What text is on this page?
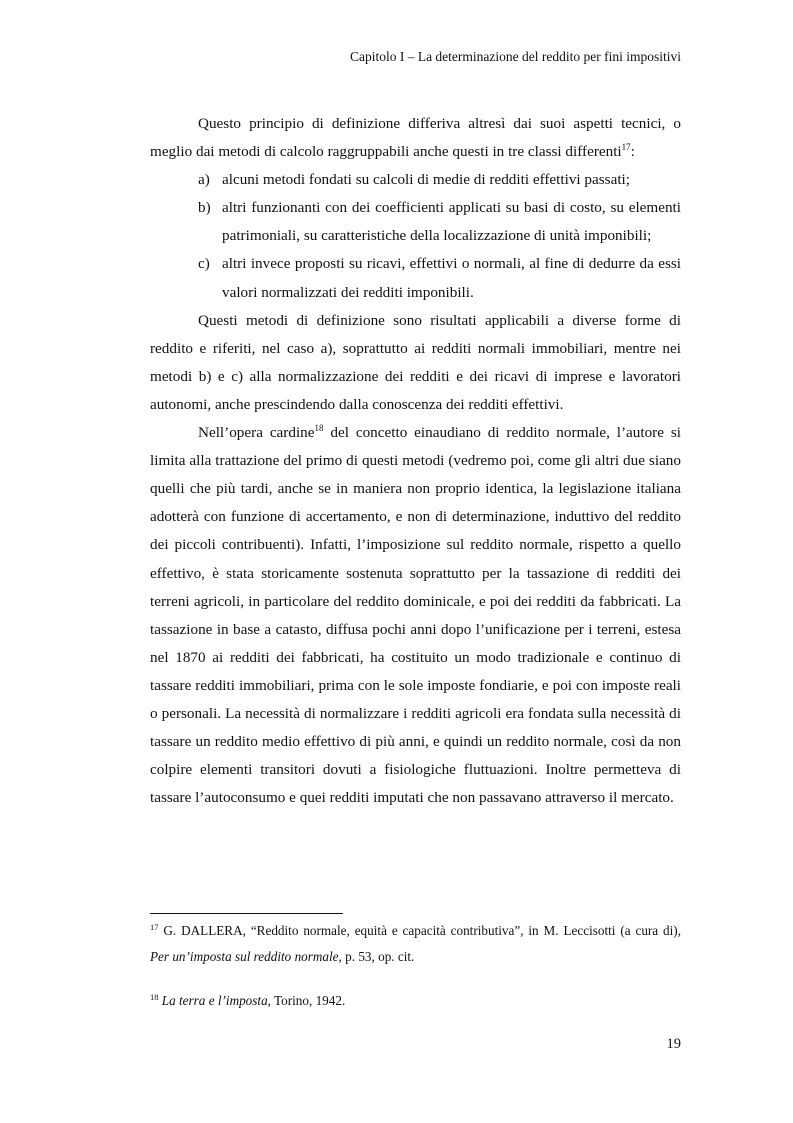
Capitolo I – La determinazione del reddito per fini impositivi

Questo principio di definizione differiva altresì dai suoi aspetti tecnici, o meglio dai metodi di calcolo raggruppabili anche questi in tre classi differenti$^{17}$:

a) alcuni metodi fondati su calcoli di medie di redditi effettivi passati;
b) altri funzionanti con dei coefficienti applicati su basi di costo, su elementi patrimoniali, su caratteristiche della localizzazione di unità imponibili;
c) altri invece proposti su ricavi, effettivi o normali, al fine di dedurre da essi valori normalizzati dei redditi imponibili.

Questi metodi di definizione sono risultati applicabili a diverse forme di reddito e riferiti, nel caso a), soprattutto ai redditi normali immobiliari, mentre nei metodi b) e c) alla normalizzazione dei redditi e dei ricavi di imprese e lavoratori autonomi, anche prescindendo dalla conoscenza dei redditi effettivi.

Nell’opera cardine$^{18}$ del concetto einaudiano di reddito normale, l’autore si limita alla trattazione del primo di questi metodi (vedremo poi, come gli altri due siano quelli che più tardi, anche se in maniera non proprio identica, la legislazione italiana adotterà con funzione di accertamento, e non di determinazione, induttivo del reddito dei piccoli contribuenti). Infatti, l’imposizione sul reddito normale, rispetto a quello effettivo, è stata storicamente sostenuta soprattutto per la tassazione di redditi dei terreni agricoli, in particolare del reddito dominicale, e poi dei redditi da fabbricati. La tassazione in base a catasto, diffusa pochi anni dopo l’unificazione per i terreni, estesa nel 1870 ai redditi dei fabbricati, ha costituito un modo tradizionale e continuo di tassare redditi immobiliari, prima con le sole imposte fondiarie, e poi con imposte reali o personali. La necessità di normalizzare i redditi agricoli era fondata sulla necessità di tassare un reddito medio effettivo di più anni, e quindi un reddito normale, così da non colpire elementi transitori dovuti a fisiologiche fluttuazioni. Inoltre permetteva di tassare l’autoconsumo e quei redditi imputati che non passavano attraverso il mercato.

$^{17}$ G. DALLERA, “Reddito normale, equità e capacità contributiva”, in M. Leccisotti (a cura di), Per un’imposta sul reddito normale, p. 53, op. cit.
$^{18}$ La terra e l’imposta, Torino, 1942.
19
